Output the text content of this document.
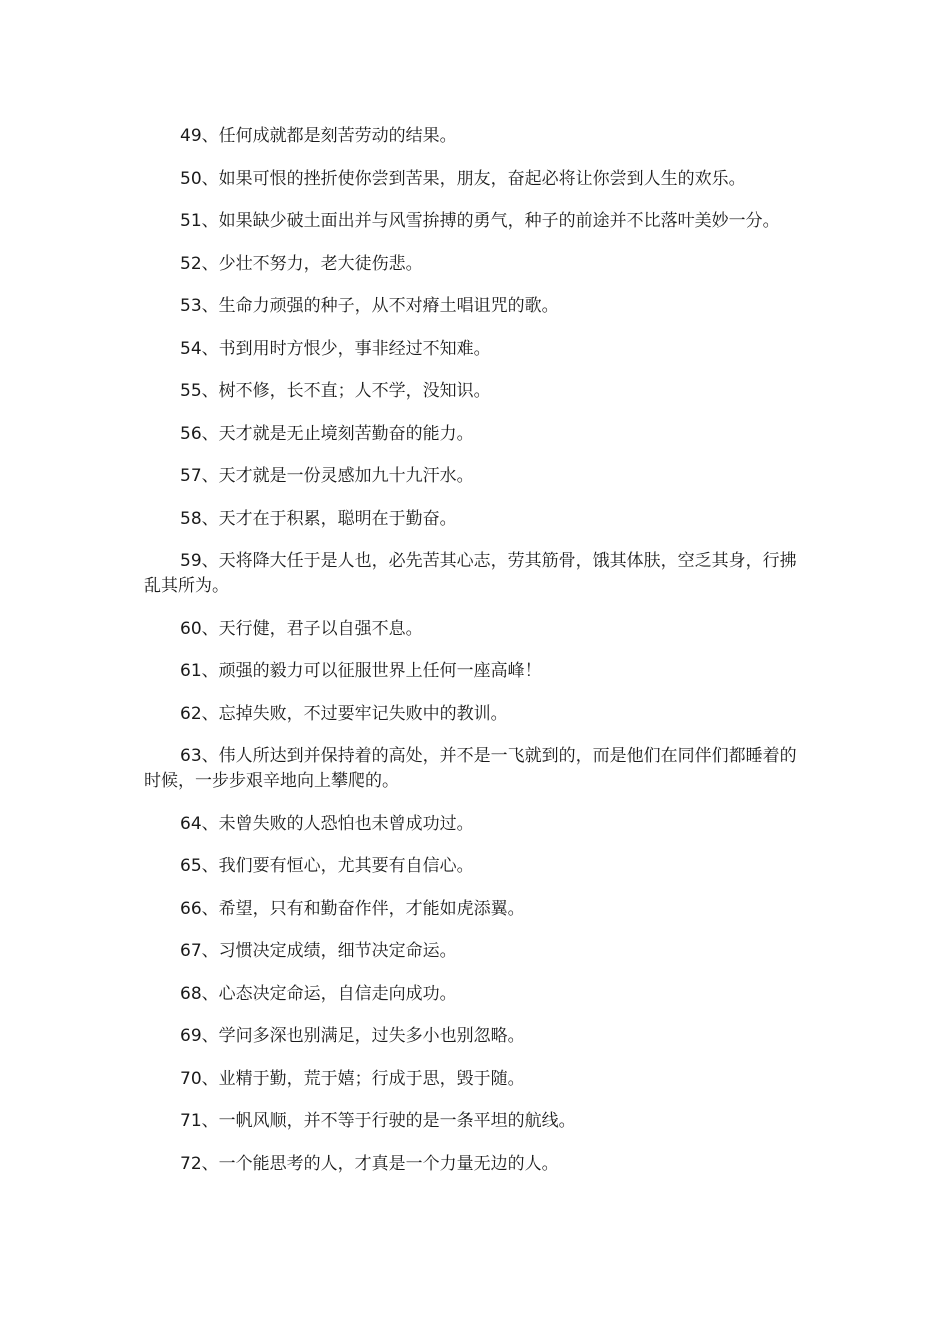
49、任何成就都是刻苦劳动的结果。

50、如果可恨的挫折使你尝到苦果，朋友，奋起必将让你尝到人生的欢乐。

51、如果缺少破土面出并与风雪拚搏的勇气，种子的前途并不比落叶美妙一分。

52、少壮不努力，老大徒伤悲。

53、生命力顽强的种子，从不对瘠土唱诅咒的歌。

54、书到用时方恨少，事非经过不知难。

55、树不修，长不直；人不学，没知识。

56、天才就是无止境刻苦勤奋的能力。

57、天才就是一份灵感加九十九汗水。

58、天才在于积累，聪明在于勤奋。

59、天将降大任于是人也，必先苦其心志，劳其筋骨，饿其体肤，空乏其身，行拂乱其所为。

60、天行健，君子以自强不息。

61、顽强的毅力可以征服世界上任何一座高峰！

62、忘掉失败，不过要牢记失败中的教训。

63、伟人所达到并保持着的高处，并不是一飞就到的，而是他们在同伴们都睡着的时候，一步步艰辛地向上攀爬的。

64、未曾失败的人恐怕也未曾成功过。

65、我们要有恒心，尤其要有自信心。

66、希望，只有和勤奋作伴，才能如虎添翼。

67、习惯决定成绩，细节决定命运。

68、心态决定命运，自信走向成功。

69、学问多深也别满足，过失多小也别忽略。

70、业精于勤，荒于嬉；行成于思，毁于随。

71、一帆风顺，并不等于行驶的是一条平坦的航线。

72、一个能思考的人，才真是一个力量无边的人。
